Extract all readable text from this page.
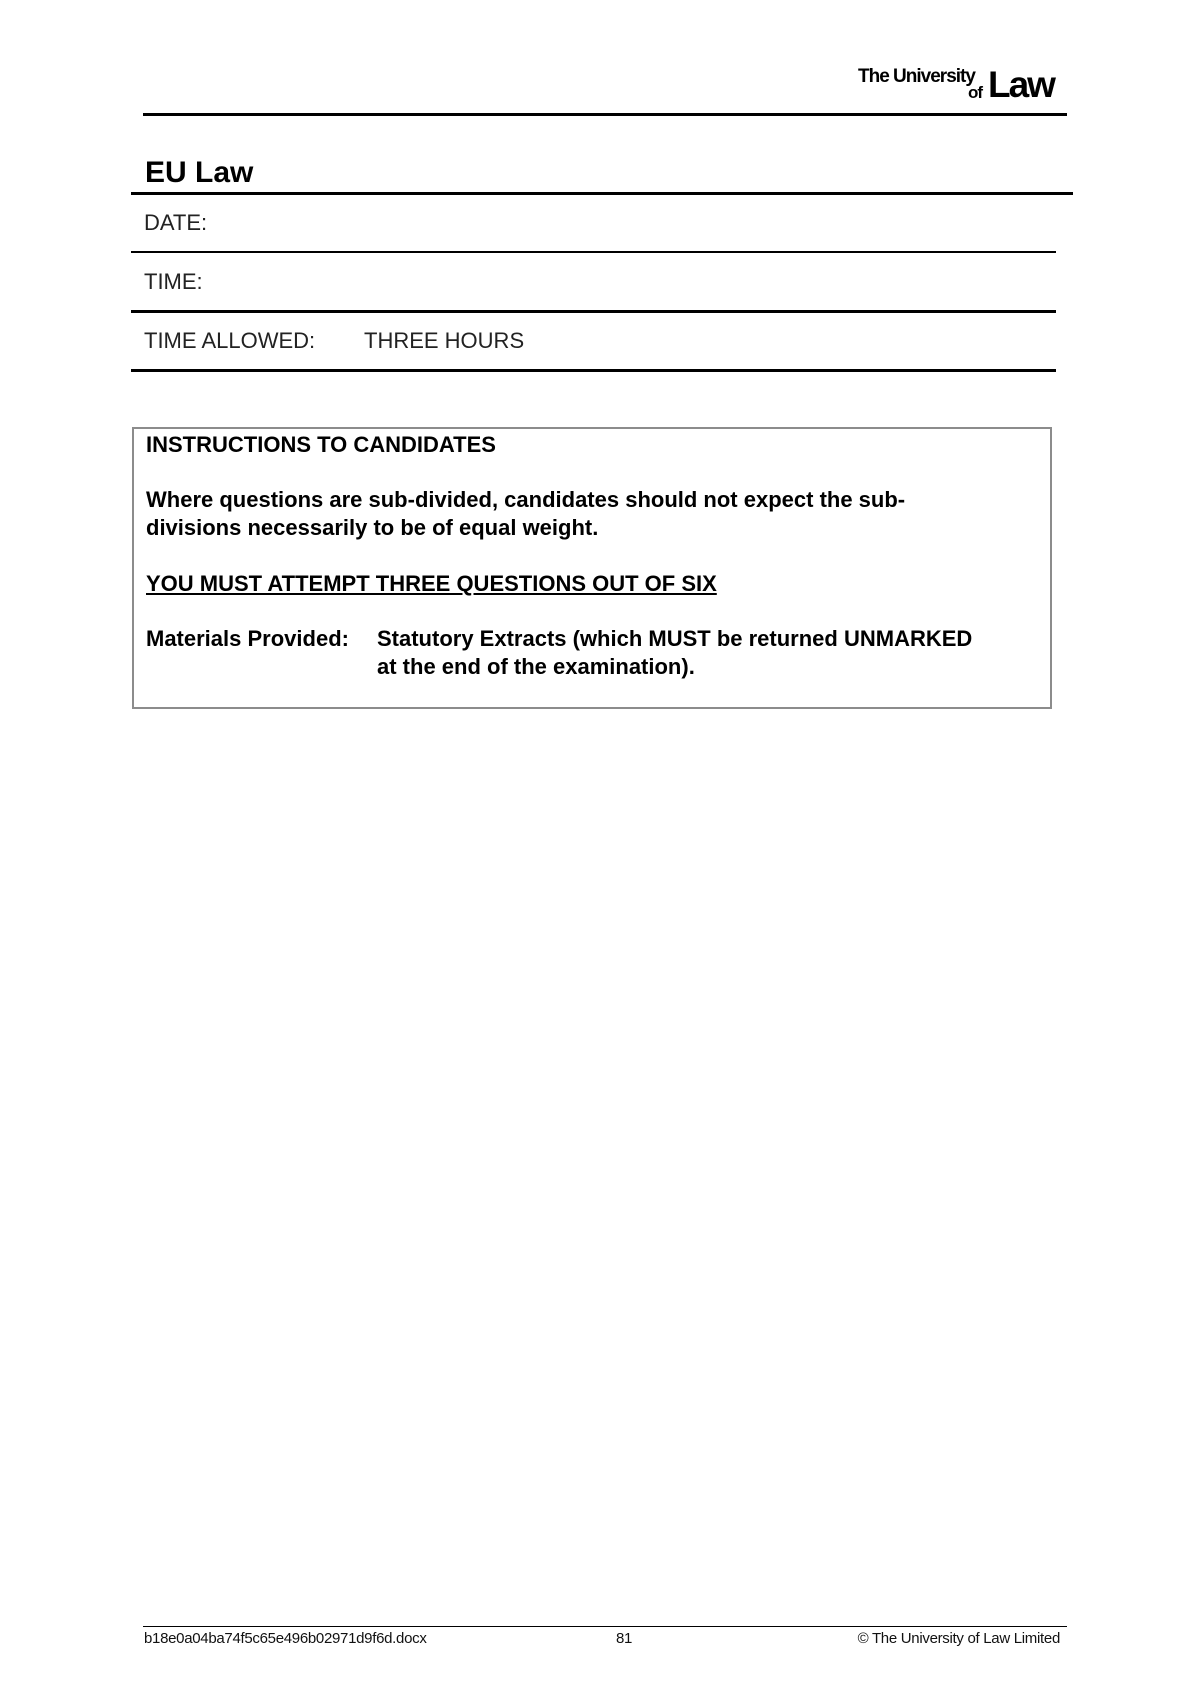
The University
of Law
EU Law
DATE:
TIME:
TIME ALLOWED: THREE HOURS
INSTRUCTIONS TO CANDIDATES
Where questions are sub-divided, candidates should not expect the sub-
divisions necessarily to be of equal weight.
YOU MUST ATTEMPT THREE QUESTIONS OUT OF SIX
Materials Provided: Statutory Extracts (which MUST be returned UNMARKED
at the end of the examination).
b18e0a04ba74f5c65e496b02971d9f6d.docx	81	© The University of Law Limited
